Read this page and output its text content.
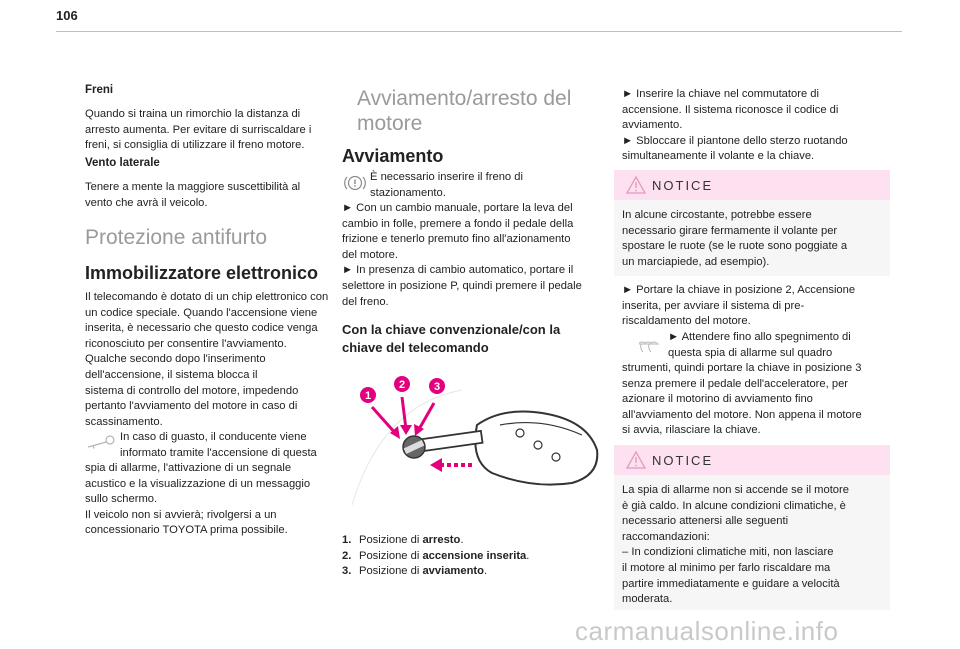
106
Freni
Quando si traina un rimorchio la distanza di
arresto aumenta. Per evitare di surriscaldare i
freni, si consiglia di utilizzare il freno motore.
Vento laterale
Tenere a mente la maggiore suscettibilità al
vento che avrà il veicolo.
Protezione antifurto
Immobilizzatore elettronico
Il telecomando è dotato di un chip elettronico con
un codice speciale. Quando l'accensione viene
inserita, è necessario che questo codice venga
riconosciuto per consentire l'avviamento.
Qualche secondo dopo l'inserimento
dell'accensione, il sistema blocca il
sistema di controllo del motore, impedendo
pertanto l'avviamento del motore in caso di
scassinamento.
In caso di guasto, il conducente viene
informato tramite l'accensione di questa
spia di allarme, l'attivazione di un segnale
acustico e la visualizzazione di un messaggio
sullo schermo.
Il veicolo non si avvierà; rivolgersi a un
concessionario TOYOTA prima possibile.
Avviamento/arresto del
motore
Avviamento
È necessario inserire il freno di
stazionamento.
► Con un cambio manuale, portare la leva del
cambio in folle, premere a fondo il pedale della
frizione e tenerlo premuto fino all'azionamento
del motore.
► In presenza di cambio automatico, portare il
selettore in posizione P, quindi premere il pedale
del freno.
Con la chiave convenzionale/con la
chiave del telecomando
1
2	3
1. Posizione di arresto.
2. Posizione di accensione inserita.
3. Posizione di avviamento.
► Inserire la chiave nel commutatore di
accensione. Il sistema riconosce il codice di
avviamento.
► Sbloccare il piantone dello sterzo ruotando
simultaneamente il volante e la chiave.
NOTICE
In alcune circostante, potrebbe essere
necessario girare fermamente il volante per
spostare le ruote (se le ruote sono poggiate a
un marciapiede, ad esempio).
► Portare la chiave in posizione 2, Accensione
inserita, per avviare il sistema di pre-
riscaldamento del motore.
► Attendere fino allo spegnimento di
questa spia di allarme sul quadro
strumenti, quindi portare la chiave in posizione 3
senza premere il pedale dell'acceleratore, per
azionare il motorino di avviamento fino
all'avviamento del motore. Non appena il motore
si avvia, rilasciare la chiave.
NOTICE
La spia di allarme non si accende se il motore
è già caldo. In alcune condizioni climatiche, è
necessario attenersi alle seguenti
raccomandazioni:
– In condizioni climatiche miti, non lasciare
il motore al minimo per farlo riscaldare ma
partire immediatamente e guidare a velocità
moderata.
carmanualsonline.info
